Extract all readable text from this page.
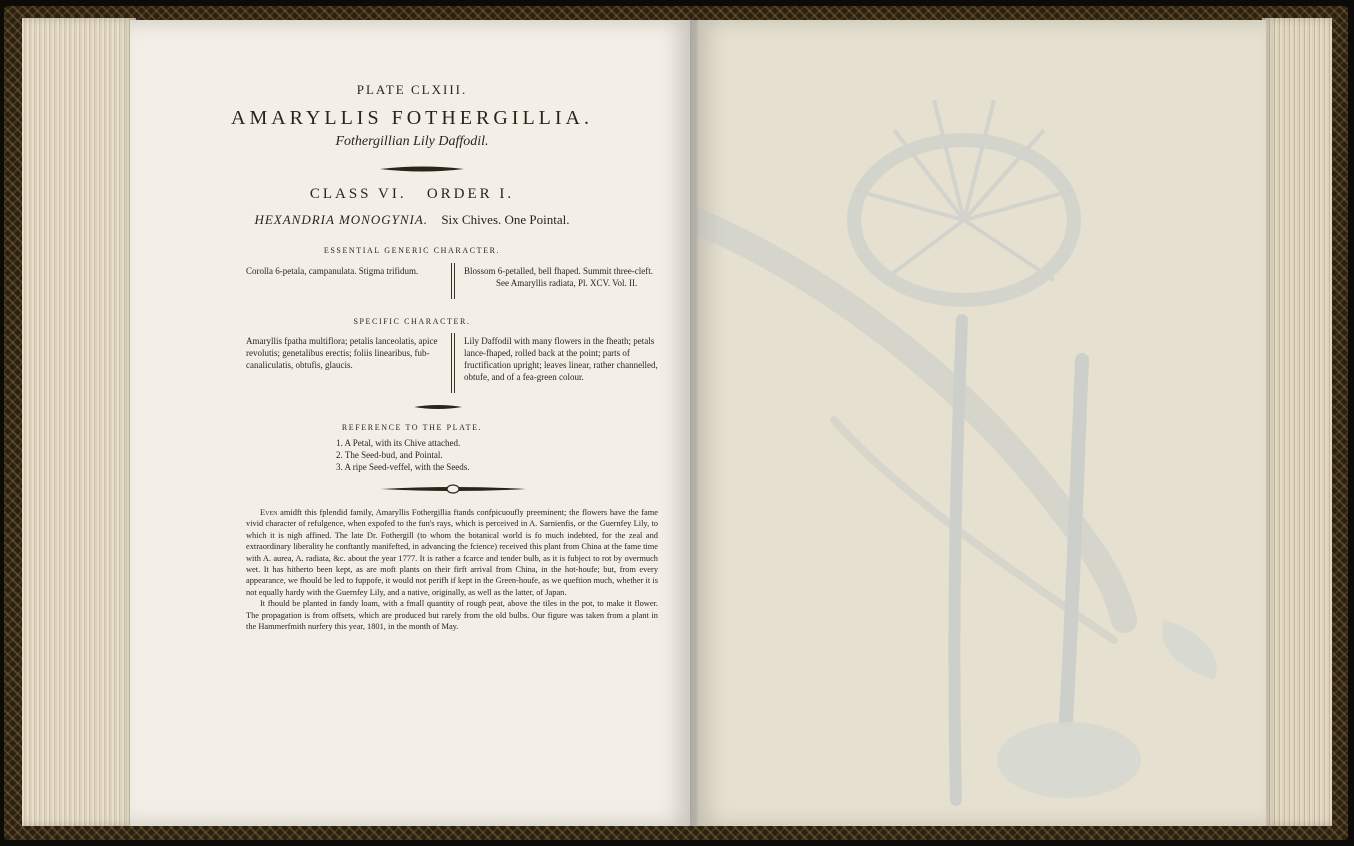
PLATE CLXIII.
AMARYLLIS FOTHERGILLIA.
Fothergillian Lily Daffodil.
CLASS VI.   ORDER I.
HEXANDRIA MONOGYNIA. Six Chives. One Pointal.
ESSENTIAL GENERIC CHARACTER.
Corolla 6-petala, campanulata. Stigma trifidum.	Blossom 6-petalled, bell fhaped. Summit three-cleft.
See Amaryllis radiata, Pl. XCV. Vol. II.
SPECIFIC CHARACTER.
Amaryllis fpatha multiflora; petalis lanceolatis, apice revolutis; genetalibus erectis; foliis linearibus, fub-canaliculatis, obtufis, glaucis.
Lily Daffodil with many flowers in the fheath; petals lance-fhaped, rolled back at the point; parts of fructification upright; leaves linear, rather channelled, obtufe, and of a fea-green colour.
REFERENCE TO THE PLATE.
1. A Petal, with its Chive attached.
2. The Seed-bud, and Pointal.
3. A ripe Seed-veffel, with the Seeds.

Even amidft this fplendid family, Amaryllis Fothergillia ftands confpicuoufly preeminent; the flowers have the fame vivid character of refulgence, when expofed to the fun's rays, which is perceived in A. Sarnienfis, or the Guernfey Lily, to which it is nigh affined. The late Dr. Fothergill (to whom the botanical world is fo much indebted, for the zeal and extraordinary liberality he conftantly manifefted, in advancing the fcience) received this plant from China at the fame time with A. aurea, A. radiata, &c. about the year 1777. It is rather a fcarce and tender bulb, as it is fubject to rot by overmuch wet. It has hitherto been kept, as are moft plants on their firft arrival from China, in the hot-houfe; but, from every appearance, we fhould be led to fuppofe, it would not perifh if kept in the Green-houfe, as we queftion much, whether it is not equally hardy with the Guernfey Lily, and a native, originally, as well as the latter, of Japan.

It fhould be planted in fandy loam, with a fmall quantity of rough peat, above the tiles in the pot, to make it flower. The propagation is from offsets, which are produced but rarely from the old bulbs. Our figure was taken from a plant in the Hammerfmith nurfery this year, 1801, in the month of May.
